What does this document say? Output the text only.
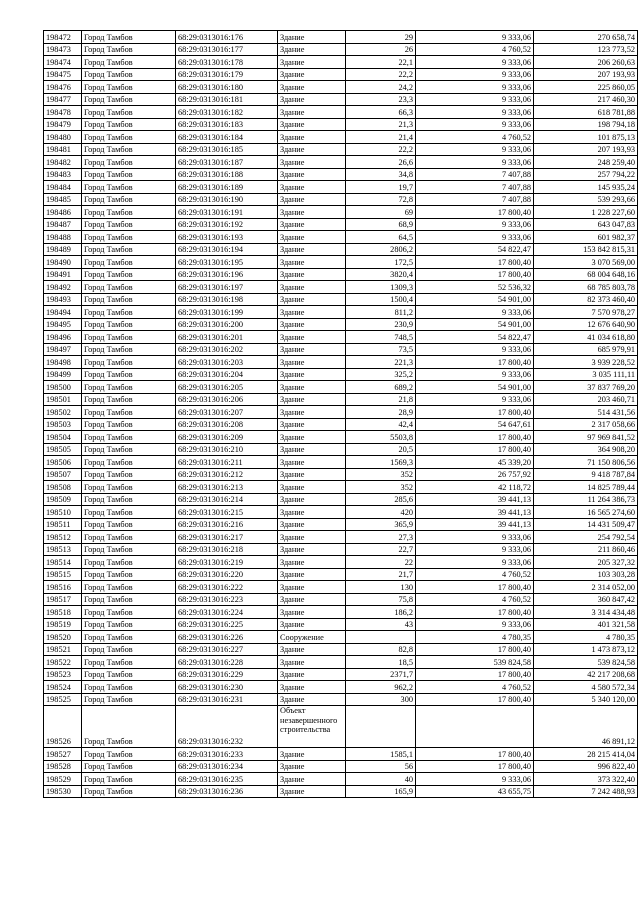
198472	Город Тамбов	68:29:0313016:176	Здание	29	9 333,06	270 658,74
198473	Город Тамбов	68:29:0313016:177	Здание	26	4 760,52	123 773,52
198474	Город Тамбов	68:29:0313016:178	Здание	22,1	9 333,06	206 260,63
198475	Город Тамбов	68:29:0313016:179	Здание	22,2	9 333,06	207 193,93
198476	Город Тамбов	68:29:0313016:180	Здание	24,2	9 333,06	225 860,05
198477	Город Тамбов	68:29:0313016:181	Здание	23,3	9 333,06	217 460,30
198478	Город Тамбов	68:29:0313016:182	Здание	66,3	9 333,06	618 781,88
198479	Город Тамбов	68:29:0313016:183	Здание	21,3	9 333,06	198 794,18
198480	Город Тамбов	68:29:0313016:184	Здание	21,4	4 760,52	101 875,13
198481	Город Тамбов	68:29:0313016:185	Здание	22,2	9 333,06	207 193,93
198482	Город Тамбов	68:29:0313016:187	Здание	26,6	9 333,06	248 259,40
198483	Город Тамбов	68:29:0313016:188	Здание	34,8	7 407,88	257 794,22
198484	Город Тамбов	68:29:0313016:189	Здание	19,7	7 407,88	145 935,24
198485	Город Тамбов	68:29:0313016:190	Здание	72,8	7 407,88	539 293,66
198486	Город Тамбов	68:29:0313016:191	Здание	69	17 800,40	1 228 227,60
198487	Город Тамбов	68:29:0313016:192	Здание	68,9	9 333,06	643 047,83
198488	Город Тамбов	68:29:0313016:193	Здание	64,5	9 333,06	601 982,37
198489	Город Тамбов	68:29:0313016:194	Здание	2806,2	54 822,47	153 842 815,31
198490	Город Тамбов	68:29:0313016:195	Здание	172,5	17 800,40	3 070 569,00
198491	Город Тамбов	68:29:0313016:196	Здание	3820,4	17 800,40	68 004 648,16
198492	Город Тамбов	68:29:0313016:197	Здание	1309,3	52 536,32	68 785 803,78
198493	Город Тамбов	68:29:0313016:198	Здание	1500,4	54 901,00	82 373 460,40
198494	Город Тамбов	68:29:0313016:199	Здание	811,2	9 333,06	7 570 978,27
198495	Город Тамбов	68:29:0313016:200	Здание	230,9	54 901,00	12 676 640,90
198496	Город Тамбов	68:29:0313016:201	Здание	748,5	54 822,47	41 034 618,80
198497	Город Тамбов	68:29:0313016:202	Здание	73,5	9 333,06	685 979,91
198498	Город Тамбов	68:29:0313016:203	Здание	221,3	17 800,40	3 939 228,52
198499	Город Тамбов	68:29:0313016:204	Здание	325,2	9 333,06	3 035 111,11
198500	Город Тамбов	68:29:0313016:205	Здание	689,2	54 901,00	37 837 769,20
198501	Город Тамбов	68:29:0313016:206	Здание	21,8	9 333,06	203 460,71
198502	Город Тамбов	68:29:0313016:207	Здание	28,9	17 800,40	514 431,56
198503	Город Тамбов	68:29:0313016:208	Здание	42,4	54 647,61	2 317 058,66
198504	Город Тамбов	68:29:0313016:209	Здание	5503,8	17 800,40	97 969 841,52
198505	Город Тамбов	68:29:0313016:210	Здание	20,5	17 800,40	364 908,20
198506	Город Тамбов	68:29:0313016:211	Здание	1569,3	45 339,20	71 150 806,56
198507	Город Тамбов	68:29:0313016:212	Здание	352	26 757,92	9 418 787,84
198508	Город Тамбов	68:29:0313016:213	Здание	352	42 118,72	14 825 789,44
198509	Город Тамбов	68:29:0313016:214	Здание	285,6	39 441,13	11 264 386,73
198510	Город Тамбов	68:29:0313016:215	Здание	420	39 441,13	16 565 274,60
198511	Город Тамбов	68:29:0313016:216	Здание	365,9	39 441,13	14 431 509,47
198512	Город Тамбов	68:29:0313016:217	Здание	27,3	9 333,06	254 792,54
198513	Город Тамбов	68:29:0313016:218	Здание	22,7	9 333,06	211 860,46
198514	Город Тамбов	68:29:0313016:219	Здание	22	9 333,06	205 327,32
198515	Город Тамбов	68:29:0313016:220	Здание	21,7	4 760,52	103 303,28
198516	Город Тамбов	68:29:0313016:222	Здание	130	17 800,40	2 314 052,00
198517	Город Тамбов	68:29:0313016:223	Здание	75,8	4 760,52	360 847,42
198518	Город Тамбов	68:29:0313016:224	Здание	186,2	17 800,40	3 314 434,48
198519	Город Тамбов	68:29:0313016:225	Здание	43	9 333,06	401 321,58
198520	Город Тамбов	68:29:0313016:226	Сооружение		4 780,35	4 780,35
198521	Город Тамбов	68:29:0313016:227	Здание	82,8	17 800,40	1 473 873,12
198522	Город Тамбов	68:29:0313016:228	Здание	18,5	539 824,58	539 824,58
198523	Город Тамбов	68:29:0313016:229	Здание	2371,7	17 800,40	42 217 208,68
198524	Город Тамбов	68:29:0313016:230	Здание	962,2	4 760,52	4 580 572,34
198525	Город Тамбов	68:29:0313016:231	Здание	300	17 800,40	5 340 120,00
198526	Город Тамбов	68:29:0313016:232	Объект незавершенного строительства			46 891,12
198527	Город Тамбов	68:29:0313016:233	Здание	1585,1	17 800,40	28 215 414,04
198528	Город Тамбов	68:29:0313016:234	Здание	56	17 800,40	996 822,40
198529	Город Тамбов	68:29:0313016:235	Здание	40	9 333,06	373 322,40
198530	Город Тамбов	68:29:0313016:236	Здание	165,9	43 655,75	7 242 488,93
